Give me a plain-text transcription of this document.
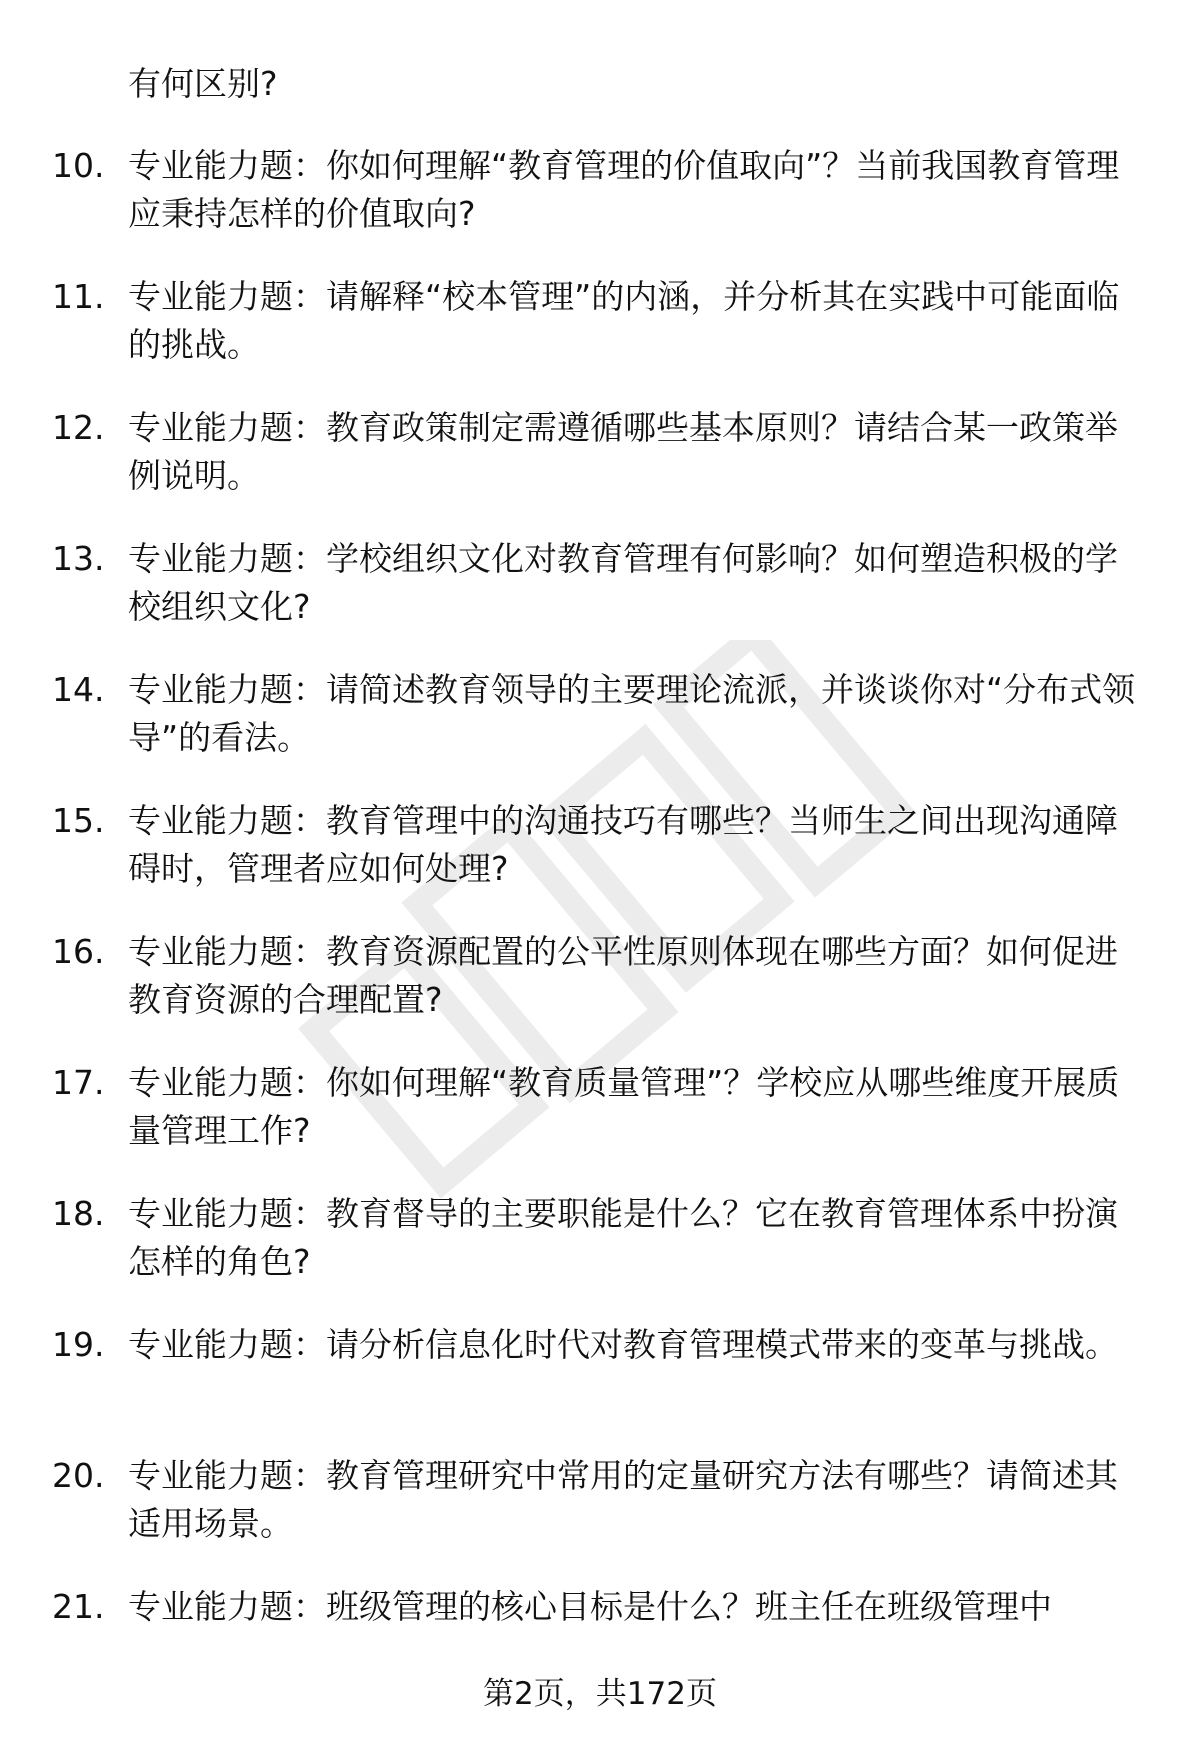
有何区别?
10. 专业能力题：你如何理解“教育管理的价值取向”？当前我国教育管理应秉持怎样的价值取向?
11. 专业能力题：请解释“校本管理”的内涵，并分析其在实践中可能面临的挑战。
12. 专业能力题：教育政策制定需遵循哪些基本原则？请结合某一政策举例说明。
13. 专业能力题：学校组织文化对教育管理有何影响？如何塑造积极的学校组织文化?
14. 专业能力题：请简述教育领导的主要理论流派，并谈谈你对“分布式领导”的看法。
15. 专业能力题：教育管理中的沟通技巧有哪些？当师生之间出现沟通障碍时，管理者应如何处理?
16. 专业能力题：教育资源配置的公平性原则体现在哪些方面？如何促进教育资源的合理配置?
17. 专业能力题：你如何理解“教育质量管理”？学校应从哪些维度开展质量管理工作?
18. 专业能力题：教育督导的主要职能是什么？它在教育管理体系中扮演怎样的角色?
19. 专业能力题：请分析信息化时代对教育管理模式带来的变革与挑战。
20. 专业能力题：教育管理研究中常用的定量研究方法有哪些？请简述其适用场景。
21. 专业能力题：班级管理的核心目标是什么？班主任在班级管理中
第2页，共172页
